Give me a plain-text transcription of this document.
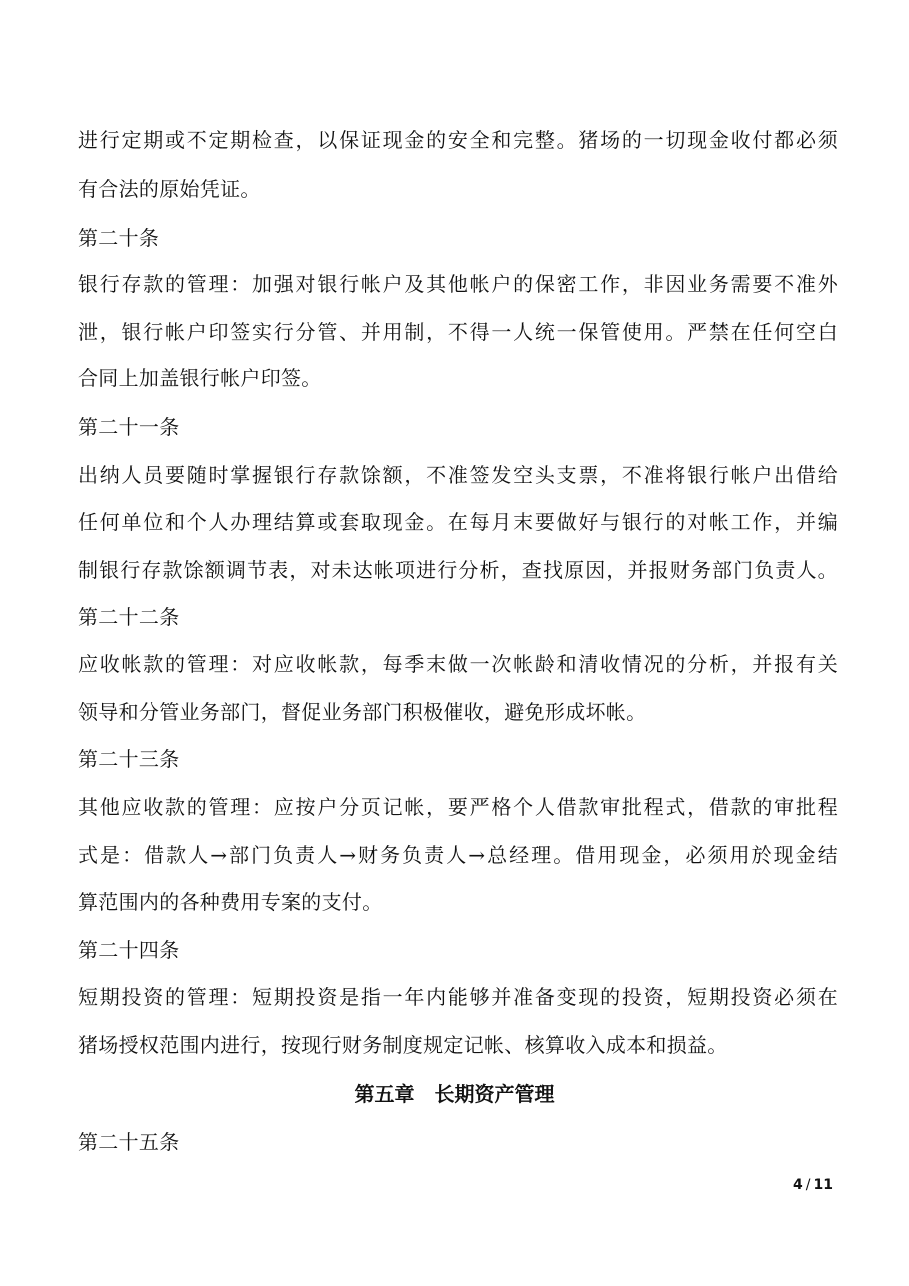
进行定期或不定期检查，以保证现金的安全和完整。猪场的一切现金收付都必须
有合法的原始凭证。
第二十条
银行存款的管理：加强对银行帐户及其他帐户的保密工作，非因业务需要不准外
泄，银行帐户印签实行分管、并用制，不得一人统一保管使用。严禁在任何空白
合同上加盖银行帐户印签。
第二十一条
出纳人员要随时掌握银行存款馀额，不准签发空头支票，不准将银行帐户出借给
任何单位和个人办理结算或套取现金。在每月末要做好与银行的对帐工作，并编
制银行存款馀额调节表，对未达帐项进行分析，查找原因，并报财务部门负责人。
第二十二条
应收帐款的管理：对应收帐款，每季末做一次帐龄和清收情况的分析，并报有关
领导和分管业务部门，督促业务部门积极催收，避免形成坏帐。
第二十三条
其他应收款的管理：应按户分页记帐，要严格个人借款审批程式，借款的审批程
式是：借款人→部门负责人→财务负责人→总经理。借用现金，必须用於现金结
算范围内的各种费用专案的支付。
第二十四条
短期投资的管理：短期投资是指一年内能够并准备变现的投资，短期投资必须在
猪场授权范围内进行，按现行财务制度规定记帐、核算收入成本和损益。
第五章　长期资产管理
第二十五条
4 / 11
